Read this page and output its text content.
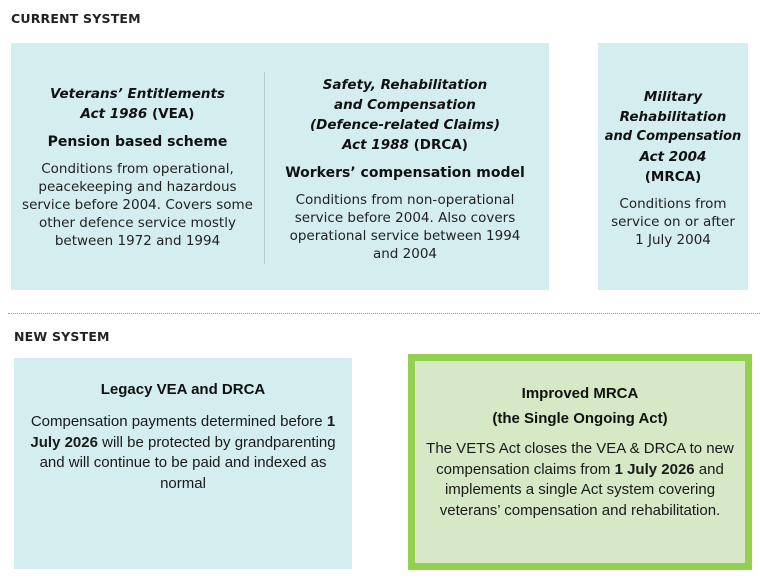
CURRENT SYSTEM
Veterans’ Entitlements
Act 1986 (VEA)
Pension based scheme
Conditions from operational, peacekeeping and hazardous service before 2004. Covers some other defence service mostly between 1972 and 1994
Safety, Rehabilitation
and Compensation
(Defence-related Claims)
Act 1988 (DRCA)
Workers’ compensation model
Conditions from non-operational service before 2004. Also covers operational service between 1994 and 2004
Military
Rehabilitation
and Compensation
Act 2004
(MRCA)
Conditions from service on or after 1 July 2004
NEW SYSTEM
Legacy VEA and DRCA
Compensation payments determined before 1 July 2026 will be protected by grandparenting and will continue to be paid and indexed as normal
Improved MRCA
(the Single Ongoing Act)
The VETS Act closes the VEA & DRCA to new compensation claims from 1 July 2026 and implements a single Act system covering veterans’ compensation and rehabilitation.
